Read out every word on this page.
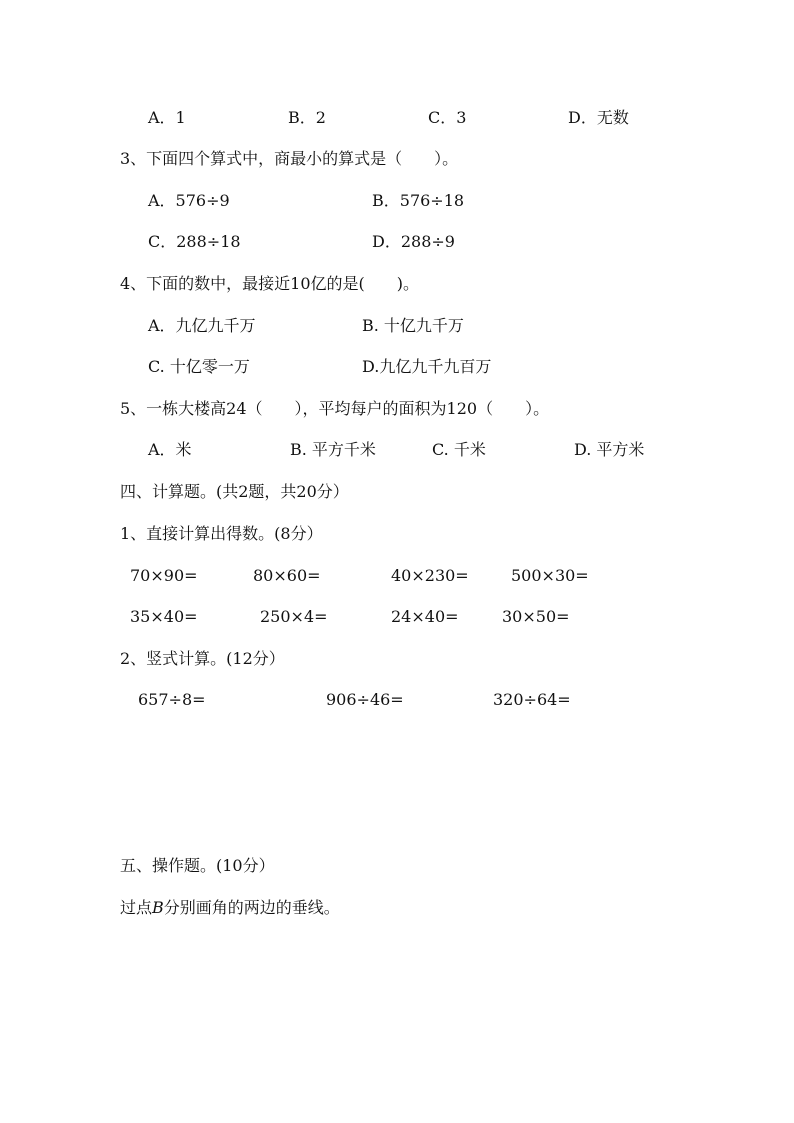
A．1	B．2	C．3	D．无数
3、下面四个算式中，商最小的算式是（　　）。
A．576÷9	B．576÷18
C．288÷18	D．288÷9
4、下面的数中，最接近10亿的是(　　)。
A．九亿九千万	B. 十亿九千万
C. 十亿零一万	D.九亿九千九百万
5、一栋大楼高24（　　），平均每户的面积为120（　　）。
A．米	B. 平方千米	C. 千米	D. 平方米
四、计算题。(共2题，共20分）
1、直接计算出得数。(8分）
70×90=	80×60=	40×230=	500×30=
35×40=	250×4=	24×40=	30×50=
2、竖式计算。(12分）
657÷8=	906÷46=	320÷64=
五、操作题。(10分）
过点B分别画角的两边的垂线。
